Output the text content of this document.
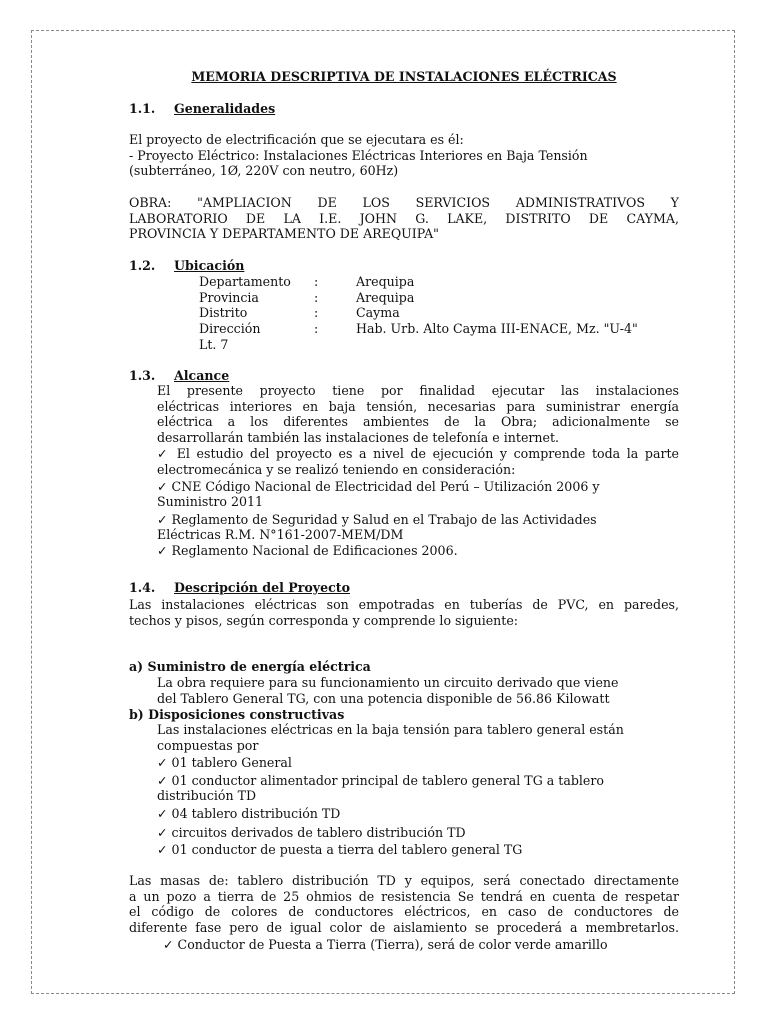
MEMORIA DESCRIPTIVA DE INSTALACIONES ELÉCTRICAS
1.1. Generalidades
El proyecto de electrificación que se ejecutara es él:
- Proyecto Eléctrico: Instalaciones Eléctricas Interiores en Baja Tensión
(subterráneo, 1Ø, 220V con neutro, 60Hz)
OBRA: "AMPLIACION DE LOS SERVICIOS ADMINISTRATIVOS Y
LABORATORIO DE LA I.E. JOHN G. LAKE, DISTRITO DE CAYMA,
PROVINCIA Y DEPARTAMENTO DE AREQUIPA"
1.2. Ubicación
Departamento :	Arequipa
Provincia	:	Arequipa
Distrito	:	Cayma
Dirección	:	Hab. Urb. Alto Cayma III-ENACE, Mz. "U-4"
Lt. 7
1.3. Alcance
El presente proyecto tiene por finalidad ejecutar las instalaciones
eléctricas interiores en baja tensión, necesarias para suministrar energía
eléctrica a los diferentes ambientes de la Obra; adicionalmente se
desarrollarán también las instalaciones de telefonía e internet.
✓ El estudio del proyecto es a nivel de ejecución y comprende toda la parte
electromecánica y se realizó teniendo en consideración:
✓ CNE Código Nacional de Electricidad del Perú – Utilización 2006 y
Suministro 2011
✓ Reglamento de Seguridad y Salud en el Trabajo de las Actividades
Eléctricas R.M. N°161-2007-MEM/DM
✓ Reglamento Nacional de Edificaciones 2006.
1.4. Descripción del Proyecto
Las instalaciones eléctricas son empotradas en tuberías de PVC, en paredes,
techos y pisos, según corresponda y comprende lo siguiente:
a) Suministro de energía eléctrica
La obra requiere para su funcionamiento un circuito derivado que viene
del Tablero General TG, con una potencia disponible de 56.86 Kilowatt
b) Disposiciones constructivas
Las instalaciones eléctricas en la baja tensión para tablero general están
compuestas por
✓ 01 tablero General
✓ 01 conductor alimentador principal de tablero general TG a tablero
distribución TD
✓ 04 tablero distribución TD
✓ circuitos derivados de tablero distribución TD
✓ 01 conductor de puesta a tierra del tablero general TG
Las masas de: tablero distribución TD y equipos, será conectado directamente
a un pozo a tierra de 25 ohmios de resistencia Se tendrá en cuenta de respetar
el código de colores de conductores eléctricos, en caso de conductores de
diferente fase pero de igual color de aislamiento se procederá a membretarlos.
✓ Conductor de Puesta a Tierra (Tierra), será de color verde amarillo
